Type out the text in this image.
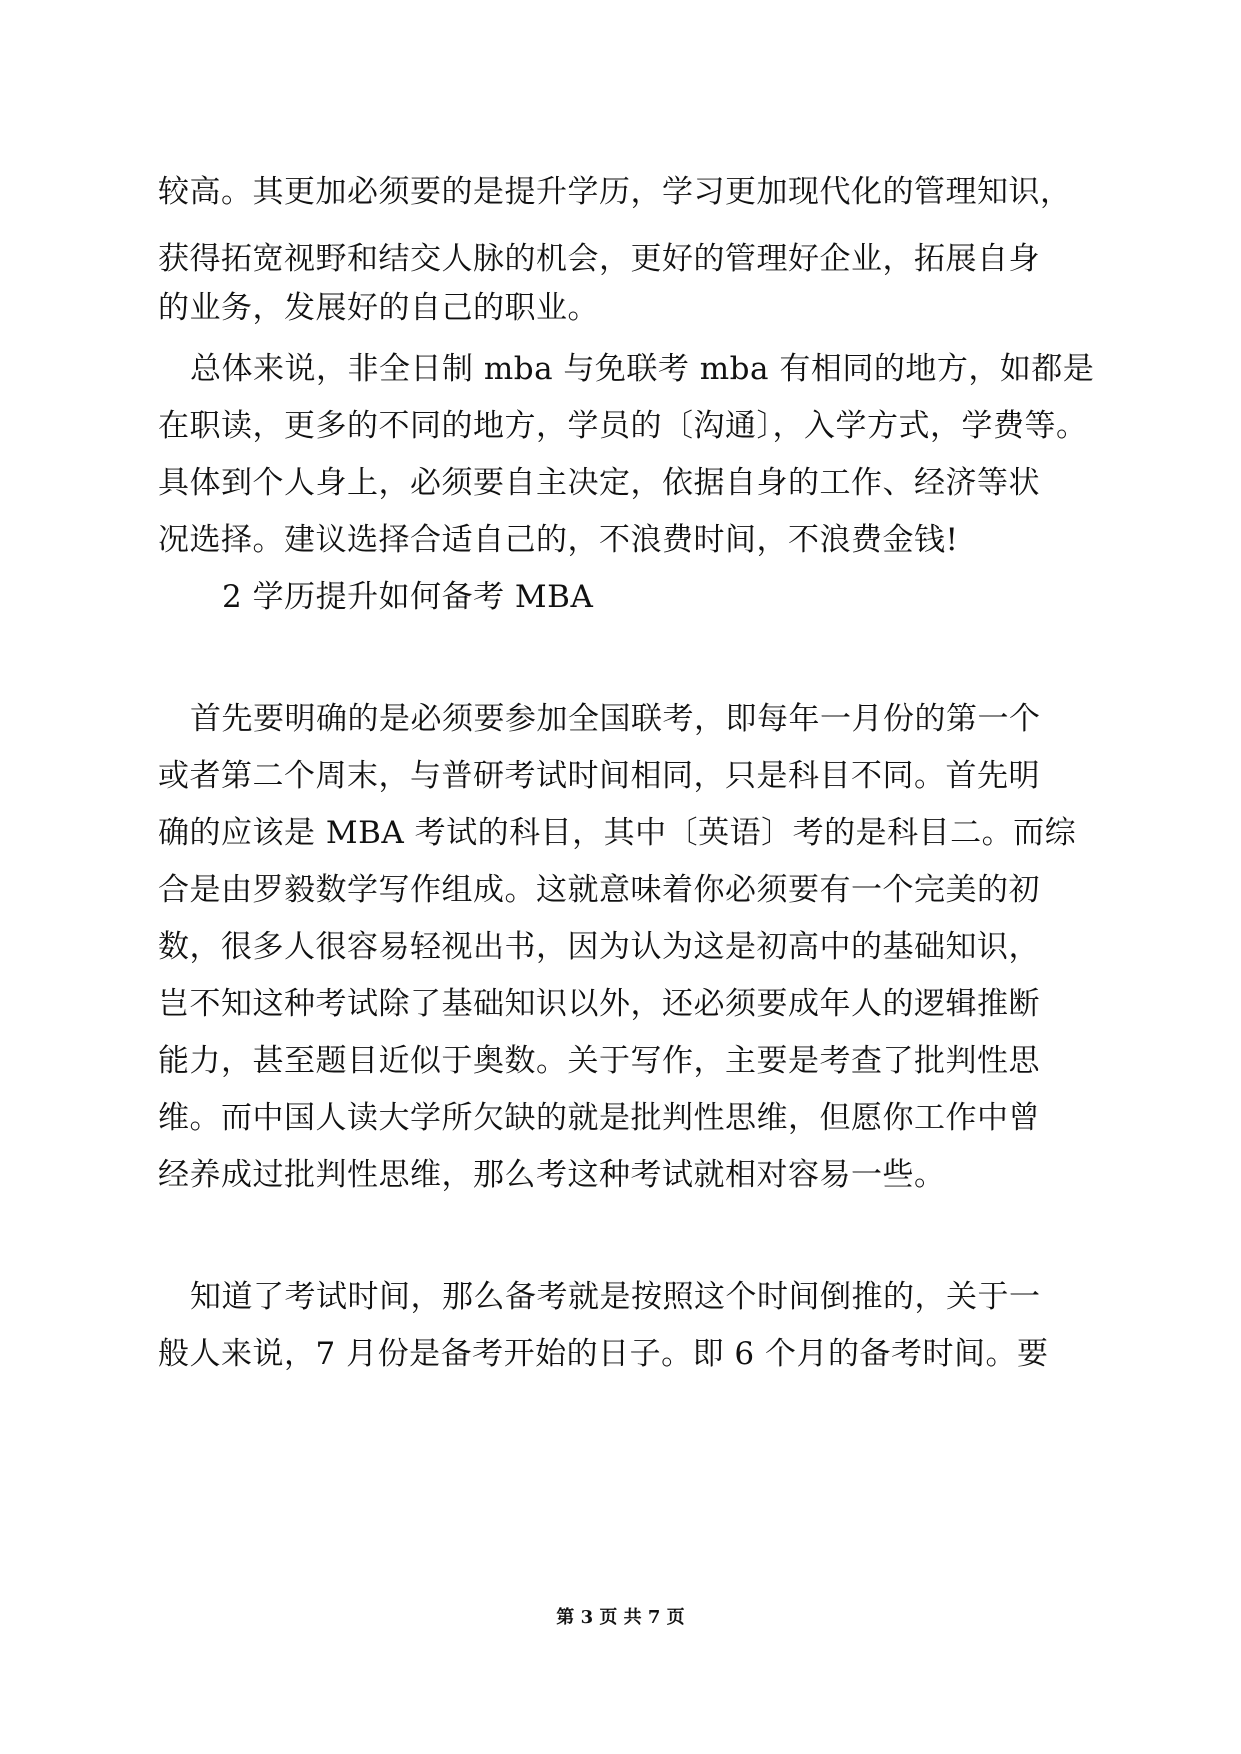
较高。其更加必须要的是提升学历，学习更加现代化的管理知识，
获得拓宽视野和结交人脉的机会，更好的管理好企业，拓展自身
的业务，发展好的自己的职业。
总体来说，非全日制 mba 与免联考 mba 有相同的地方，如都是
在职读，更多的不同的地方，学员的〔沟通〕，入学方式，学费等。
具体到个人身上，必须要自主决定，依据自身的工作、经济等状
况选择。建议选择合适自己的，不浪费时间，不浪费金钱!
2 学历提升如何备考 MBA
首先要明确的是必须要参加全国联考，即每年一月份的第一个
或者第二个周末，与普研考试时间相同，只是科目不同。首先明
确的应该是 MBA 考试的科目，其中〔英语〕考的是科目二。而综
合是由罗毅数学写作组成。这就意味着你必须要有一个完美的初
数，很多人很容易轻视出书，因为认为这是初高中的基础知识，
岂不知这种考试除了基础知识以外，还必须要成年人的逻辑推断
能力，甚至题目近似于奥数。关于写作，主要是考查了批判性思
维。而中国人读大学所欠缺的就是批判性思维，但愿你工作中曾
经养成过批判性思维，那么考这种考试就相对容易一些。
知道了考试时间，那么备考就是按照这个时间倒推的，关于一
般人来说，7 月份是备考开始的日子。即 6 个月的备考时间。要
第 3 页 共 7 页
